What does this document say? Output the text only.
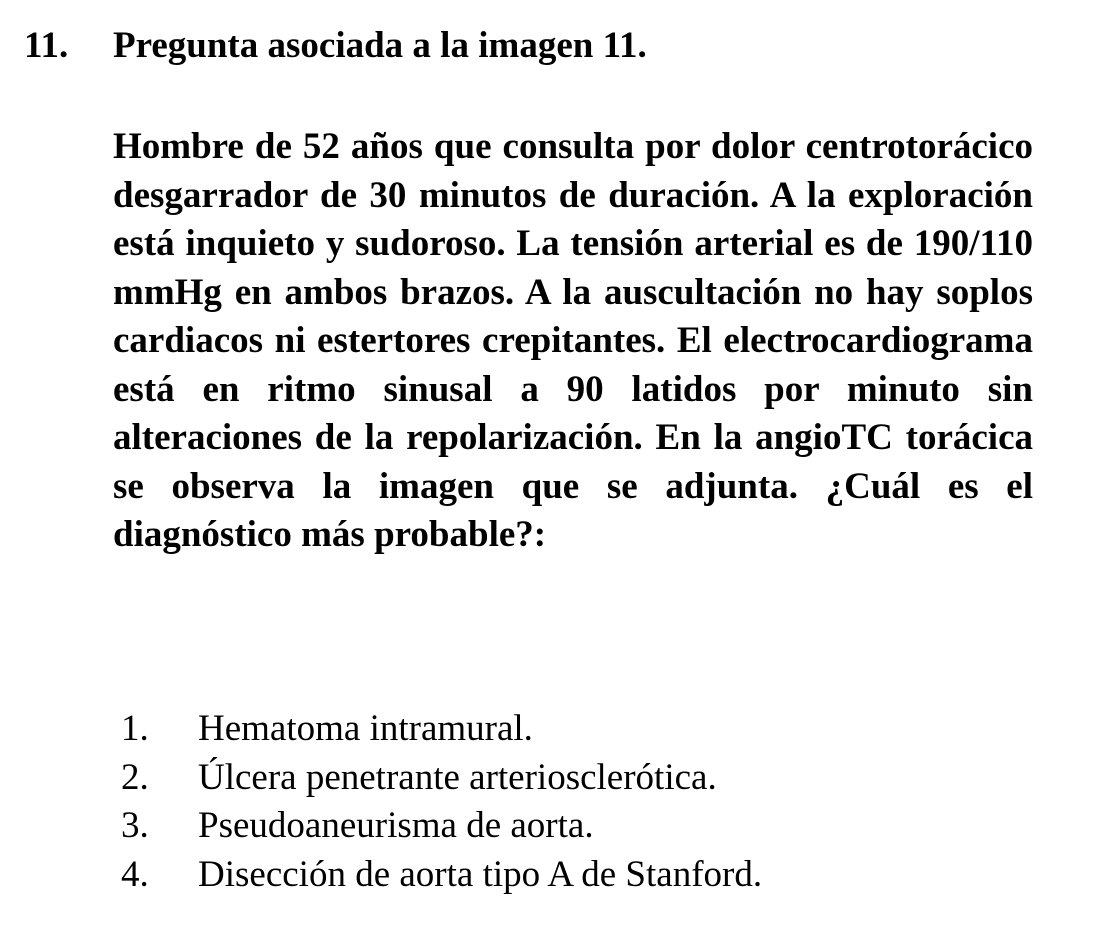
11. Pregunta asociada a la imagen 11.
Hombre de 52 años que consulta por dolor centrotorácico desgarrador de 30 minutos de duración. A la exploración está inquieto y sudoroso. La tensión arterial es de 190/110 mmHg en ambos brazos. A la auscultación no hay soplos cardiacos ni estertores crepitantes. El electrocardiograma está en ritmo sinusal a 90 latidos por minuto sin alteraciones de la repolarización. En la angioTC torácica se observa la imagen que se adjunta. ¿Cuál es el diagnóstico más probable?:
1.	Hematoma intramural.
2.	Úlcera penetrante arteriosclerótica.
3.	Pseudoaneurisma de aorta.
4.	Disección de aorta tipo A de Stanford.
